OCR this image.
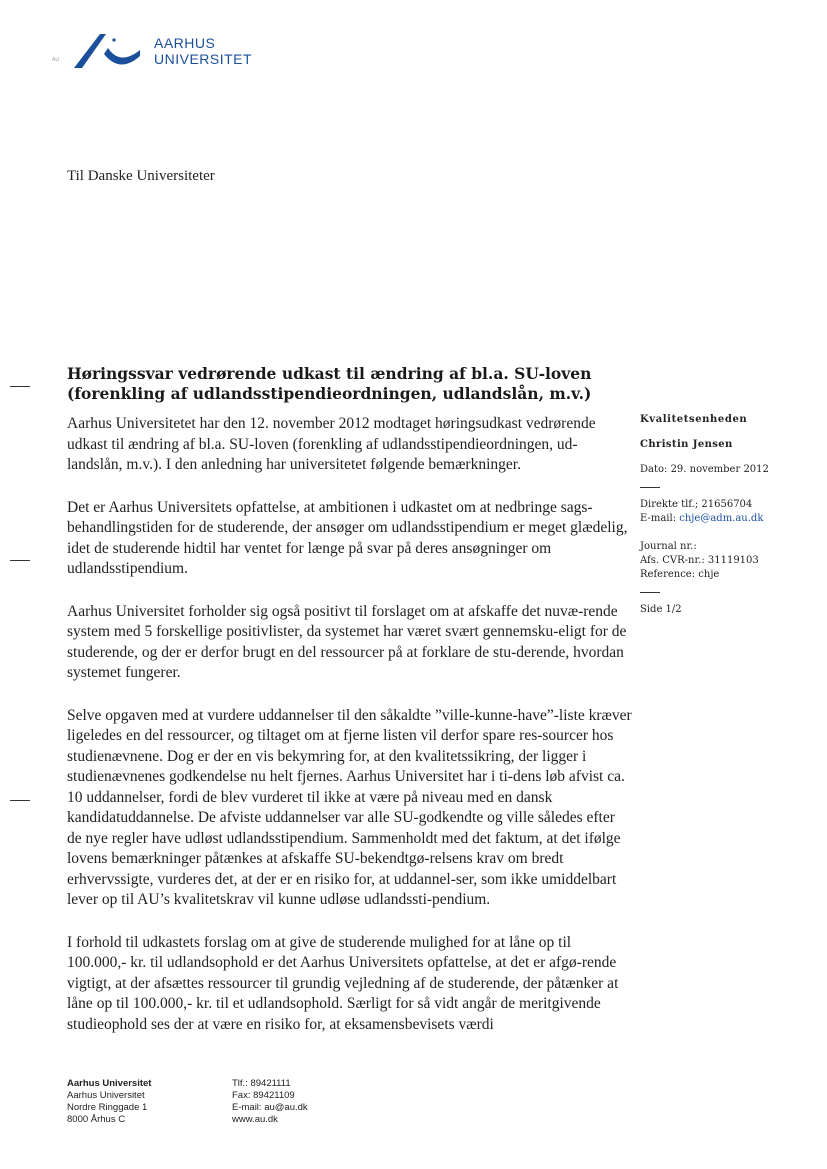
AARHUS
UNIVERSITET
AU
Til Danske Universiteter
Høringssvar vedrørende udkast til ændring af bl.a. SU-loven (forenkling af udlandsstipendieordningen, udlandslån, m.v.)

Aarhus Universitetet har den 12. november 2012 modtaget høringsudkast vedrørende udkast til ændring af bl.a. SU-loven (forenkling af udlandsstipendieordningen, ud-landslån, m.v.). I den anledning har universitetet følgende bemærkninger.

Det er Aarhus Universitets opfattelse, at ambitionen i udkastet om at nedbringe sags-behandlingstiden for de studerende, der ansøger om udlandsstipendium er meget glædelig, idet de studerende hidtil har ventet for længe på svar på deres ansøgninger om udlandsstipendium.

Aarhus Universitet forholder sig også positivt til forslaget om at afskaffe det nuvæ-rende system med 5 forskellige positivlister, da systemet har været svært gennemsku-eligt for de studerende, og der er derfor brugt en del ressourcer på at forklare de stu-derende, hvordan systemet fungerer.

Selve opgaven med at vurdere uddannelser til den såkaldte ”ville-kunne-have”-liste kræver ligeledes en del ressourcer, og tiltaget om at fjerne listen vil derfor spare res-sourcer hos studienævnene. Dog er der en vis bekymring for, at den kvalitetssikring, der ligger i studienævnenes godkendelse nu helt fjernes. Aarhus Universitet har i ti-dens løb afvist ca. 10 uddannelser, fordi de blev vurderet til ikke at være på niveau med en dansk kandidatuddannelse. De afviste uddannelser var alle SU-godkendte og ville således efter de nye regler have udløst udlandsstipendium. Sammenholdt med det faktum, at det ifølge lovens bemærkninger påtænkes at afskaffe SU-bekendtgø-relsens krav om bredt erhvervssigte, vurderes det, at der er en risiko for, at uddannel-ser, som ikke umiddelbart lever op til AU’s kvalitetskrav vil kunne udløse udlandssti-pendium.

I forhold til udkastets forslag om at give de studerende mulighed for at låne op til 100.000,- kr. til udlandsophold er det Aarhus Universitets opfattelse, at det er afgø-rende vigtigt, at der afsættes ressourcer til grundig vejledning af de studerende, der påtænker at låne op til 100.000,- kr. til et udlandsophold. Særligt for så vidt angår de meritgivende studieophold ses der at være en risiko for, at eksamensbevisets værdi

Kvalitetsenheden
Christin Jensen
Dato: 29. november 2012
Direkte tlf.; 21656704
E-mail: chje@adm.au.dk
Journal nr.:
Afs. CVR-nr.: 31119103
Reference: chje
Side 1/2
Aarhus Universitet
Aarhus Universitet
Nordre Ringgade 1
8000 Århus C
Tlf.: 89421111
Fax: 89421109
E-mail: au@au.dk
www.au.dk
